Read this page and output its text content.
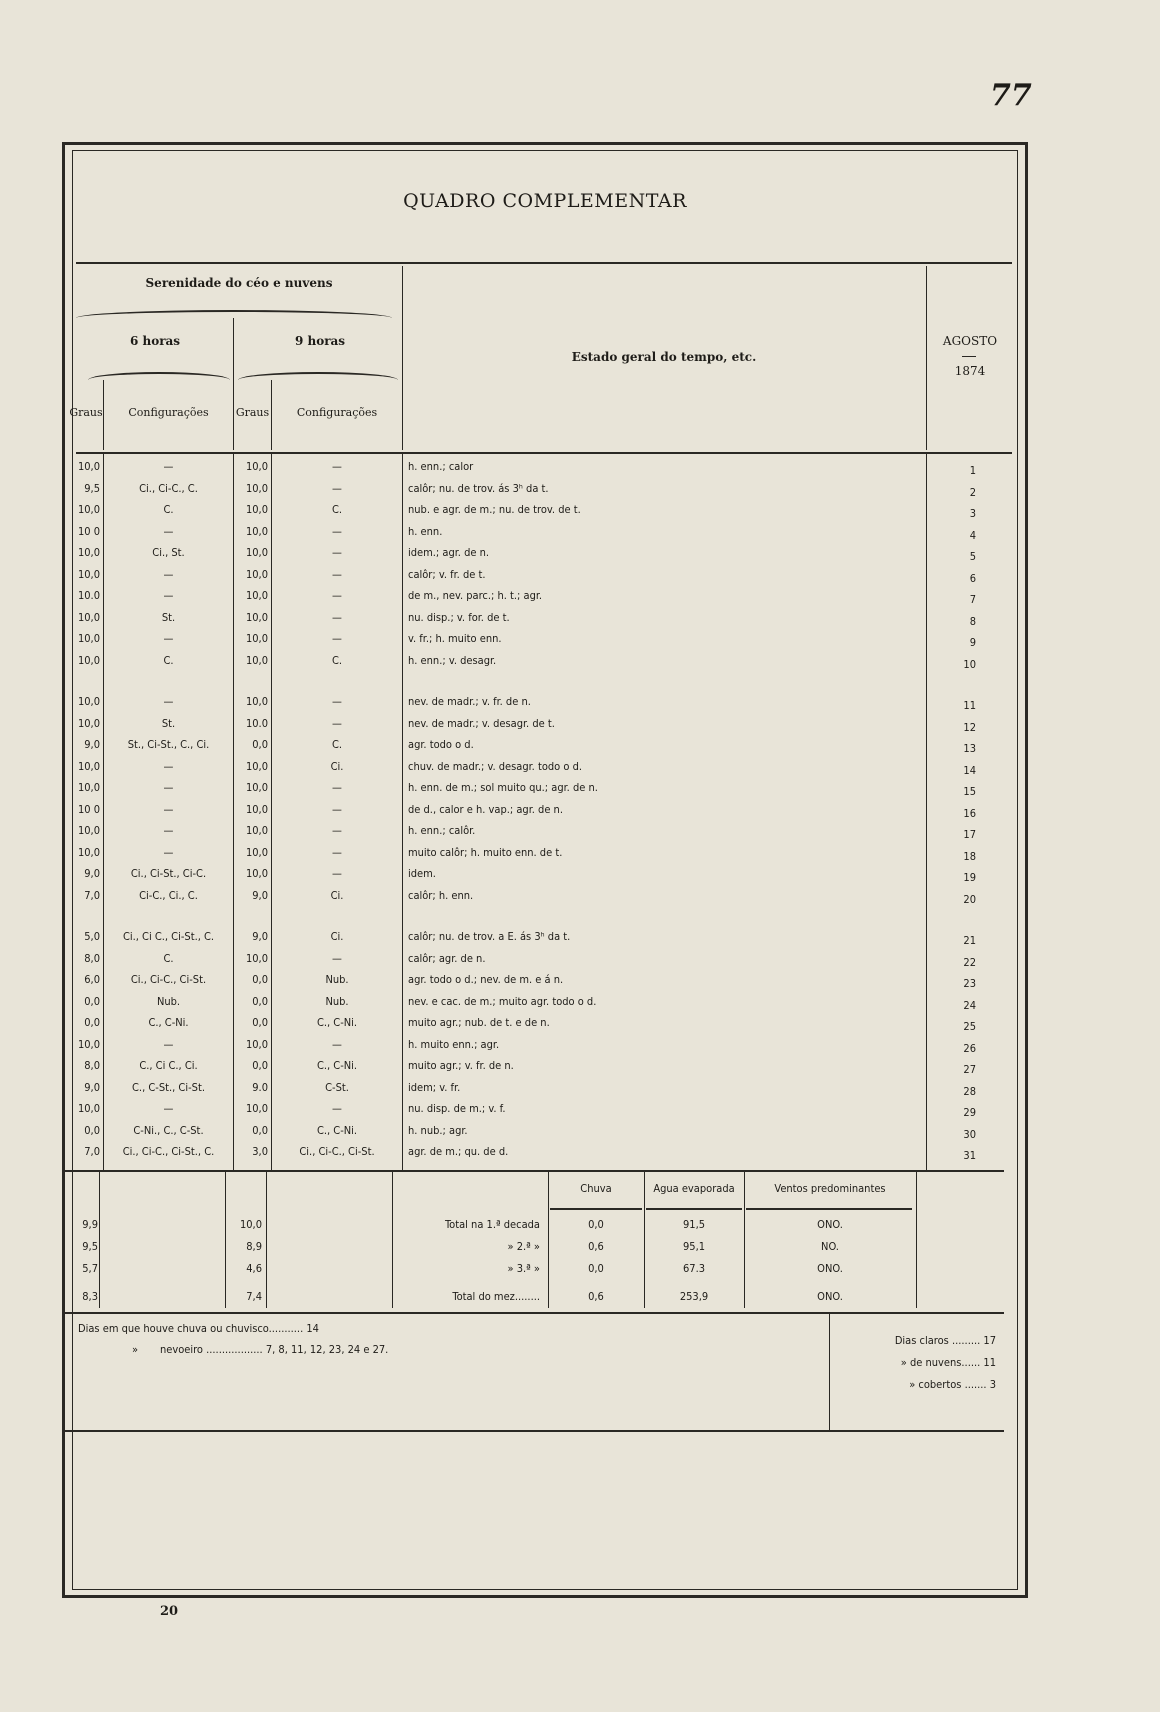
77
QUADRO COMPLEMENTAR
Serenidade do céo e nuvens
6 horas	9 horas
Graus	Configurações	Graus	Configurações
Estado geral do tempo, etc.
AGOSTO
1874
10,0	—	10,0	—	h. enn.; calor	1
9,5	Ci., Ci-C., C.	10,0	—	calôr; nu. de trov. ás 3ʰ da t.	2
10,0	C.	10,0	C.	nub. e agr. de m.; nu. de trov. de t.	3
10 0	—	10,0	—	h. enn.	4
10,0	Ci., St.	10,0	—	idem.; agr. de n.	5
10,0	—	10,0	—	calôr; v. fr. de t.	6
10.0	—	10,0	—	de m., nev. parc.; h. t.; agr.	7
10,0	St.	10,0	—	nu. disp.; v. for. de t.	8
10,0	—	10,0	—	v. fr.; h. muito enn.	9
10,0	C.	10,0	C.	h. enn.; v. desagr.	10
10,0	—	10,0	—	nev. de madr.; v. fr. de n.	11
10,0	St.	10.0	—	nev. de madr.; v. desagr. de t.	12
9,0	St., Ci-St., C., Ci.	0,0	C.	agr. todo o d.	13
10,0	—	10,0	Ci.	chuv. de madr.; v. desagr. todo o d.	14
10,0	—	10,0	—	h. enn. de m.; sol muito qu.; agr. de n.	15
10 0	—	10,0	—	de d., calor e h. vap.; agr. de n.	16
10,0	—	10,0	—	h. enn.; calôr.	17
10,0	—	10,0	—	muito calôr; h. muito enn. de t.	18
9,0	Ci., Ci-St., Ci-C.	10,0	—	idem.	19
7,0	Ci-C., Ci., C.	9,0	Ci.	calôr; h. enn.	20
5,0	Ci., Ci C., Ci-St., C.	9,0	Ci.	calôr; nu. de trov. a E. ás 3ʰ da t.	21
8,0	C.	10,0	—	calôr; agr. de n.	22
6,0	Ci., Ci-C., Ci-St.	0,0	Nub.	agr. todo o d.; nev. de m. e á n.	23
0,0	Nub.	0,0	Nub.	nev. e cac. de m.; muito agr. todo o d.	24
0,0	C., C-Ni.	0,0	C., C-Ni.	muito agr.; nub. de t. e de n.	25
10,0	—	10,0	—	h. muito enn.; agr.	26
8,0	C., Ci C., Ci.	0,0	C., C-Ni.	muito agr.; v. fr. de n.	27
9,0	C., C-St., Ci-St.	9.0	C-St.	idem; v. fr.	28
10,0	—	10,0	—	nu. disp. de m.; v. f.	29
0,0	C-Ni., C., C-St.	0,0	C., C-Ni.	h. nub.; agr.	30
7,0	Ci., Ci-C., Ci-St., C.	3,0	Ci., Ci-C., Ci-St.	agr. de m.; qu. de d.	31
Chuva	Agua evaporada	Ventos predominantes
9,9	10,0	Total na 1.ª decada	0,0	91,5	ONO.
9,5	8,9	» 2.ª »	0,6	95,1	NO.
5,7	4,6	» 3.ª »	0,0	67.3	ONO.
8,3	7,4	Total do mez........	0,6	253,9	ONO.
Dias em que houve chuva ou chuvisco........... 14
» nevoeiro .................. 7, 8, 11, 12, 23, 24 e 27.
Dias claros ......... 17
» de nuvens...... 11
» cobertos ....... 3
20
